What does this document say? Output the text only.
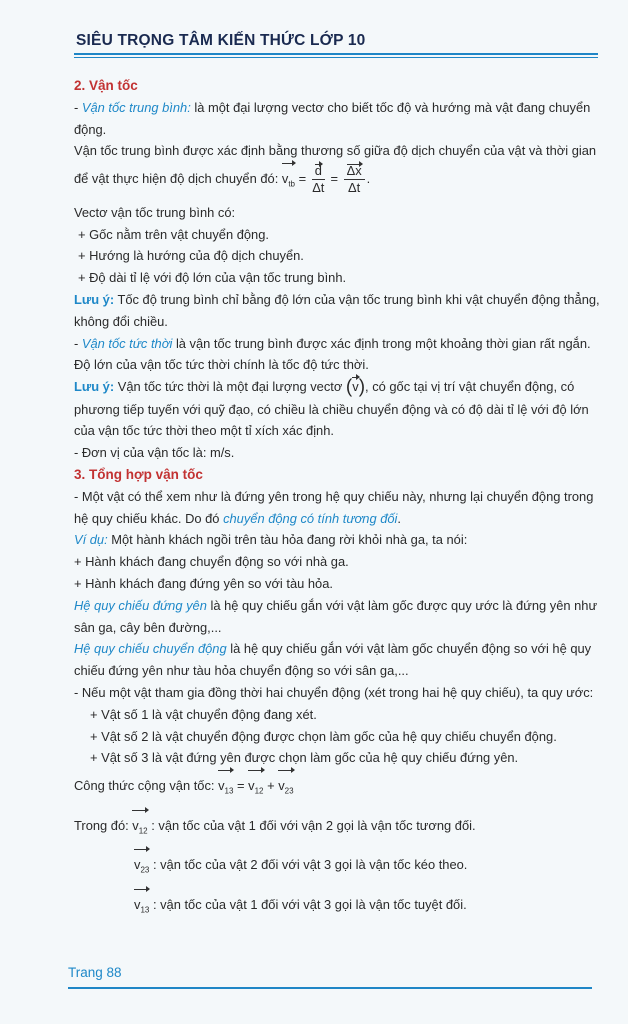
SIÊU TRỌNG TÂM KIẾN THỨC LỚP 10

2. Vận tốc

- Vận tốc trung bình: là một đại lượng vectơ cho biết tốc độ và hướng mà vật đang chuyển động.

Vận tốc trung bình được xác định bằng thương số giữa độ dịch chuyển của vật và thời gian

để vật thực hiện độ dịch chuyển đó: $v_{tb} = \frac{d}{\Delta t} = \frac{\Delta x}{\Delta t}$ .

Vectơ vận tốc trung bình có:

+ Gốc nằm trên vật chuyển động.

+ Hướng là hướng của độ dịch chuyển.

+ Độ dài tỉ lệ với độ lớn của vận tốc trung bình.

Lưu ý: Tốc độ trung bình chỉ bằng độ lớn của vận tốc trung bình khi vật chuyển động thẳng, không đổi chiều.

- Vận tốc tức thời là vận tốc trung bình được xác định trong một khoảng thời gian rất ngắn.

Độ lớn của vận tốc tức thời chính là tốc độ tức thời.

Lưu ý: Vận tốc tức thời là một đại lượng vectơ (v), có gốc tại vị trí vật chuyển động, có phương tiếp tuyến với quỹ đạo, có chiều là chiều chuyển động và có độ dài tỉ lệ với độ lớn của vận tốc tức thời theo một tỉ xích xác định.

- Đơn vị của vận tốc là: m/s.

3. Tổng hợp vận tốc

- Một vật có thể xem như là đứng yên trong hệ quy chiếu này, nhưng lại chuyển động trong hệ quy chiếu khác. Do đó chuyển động có tính tương đối.

Ví dụ: Một hành khách ngồi trên tàu hỏa đang rời khỏi nhà ga, ta nói:

+ Hành khách đang chuyển động so với nhà ga.

+ Hành khách đang đứng yên so với tàu hỏa.

Hệ quy chiếu đứng yên là hệ quy chiếu gắn với vật làm gốc được quy ước là đứng yên như sân ga, cây bên đường,...

Hệ quy chiếu chuyển động là hệ quy chiếu gắn với vật làm gốc chuyển động so với hệ quy chiếu đứng yên như tàu hỏa chuyển động so với sân ga,...

- Nếu một vật tham gia đồng thời hai chuyển động (xét trong hai hệ quy chiếu), ta quy ước:

+ Vật số 1 là vật chuyển động đang xét.

+ Vật số 2 là vật chuyển động được chọn làm gốc của hệ quy chiếu chuyển động.

+ Vật số 3 là vật đứng yên được chọn làm gốc của hệ quy chiếu đứng yên.

Công thức cộng vận tốc: $v_{13} = v_{12} + v_{23}$

Trong đó: $v_{12}$ : vận tốc của vật 1 đối với vận 2 gọi là vận tốc tương đối.

$v_{23}$ : vận tốc của vật 2 đối với vật 3 gọi là vận tốc kéo theo.

$v_{13}$ : vận tốc của vật 1 đối với vật 3 gọi là vận tốc tuyệt đối.

Trang 88
